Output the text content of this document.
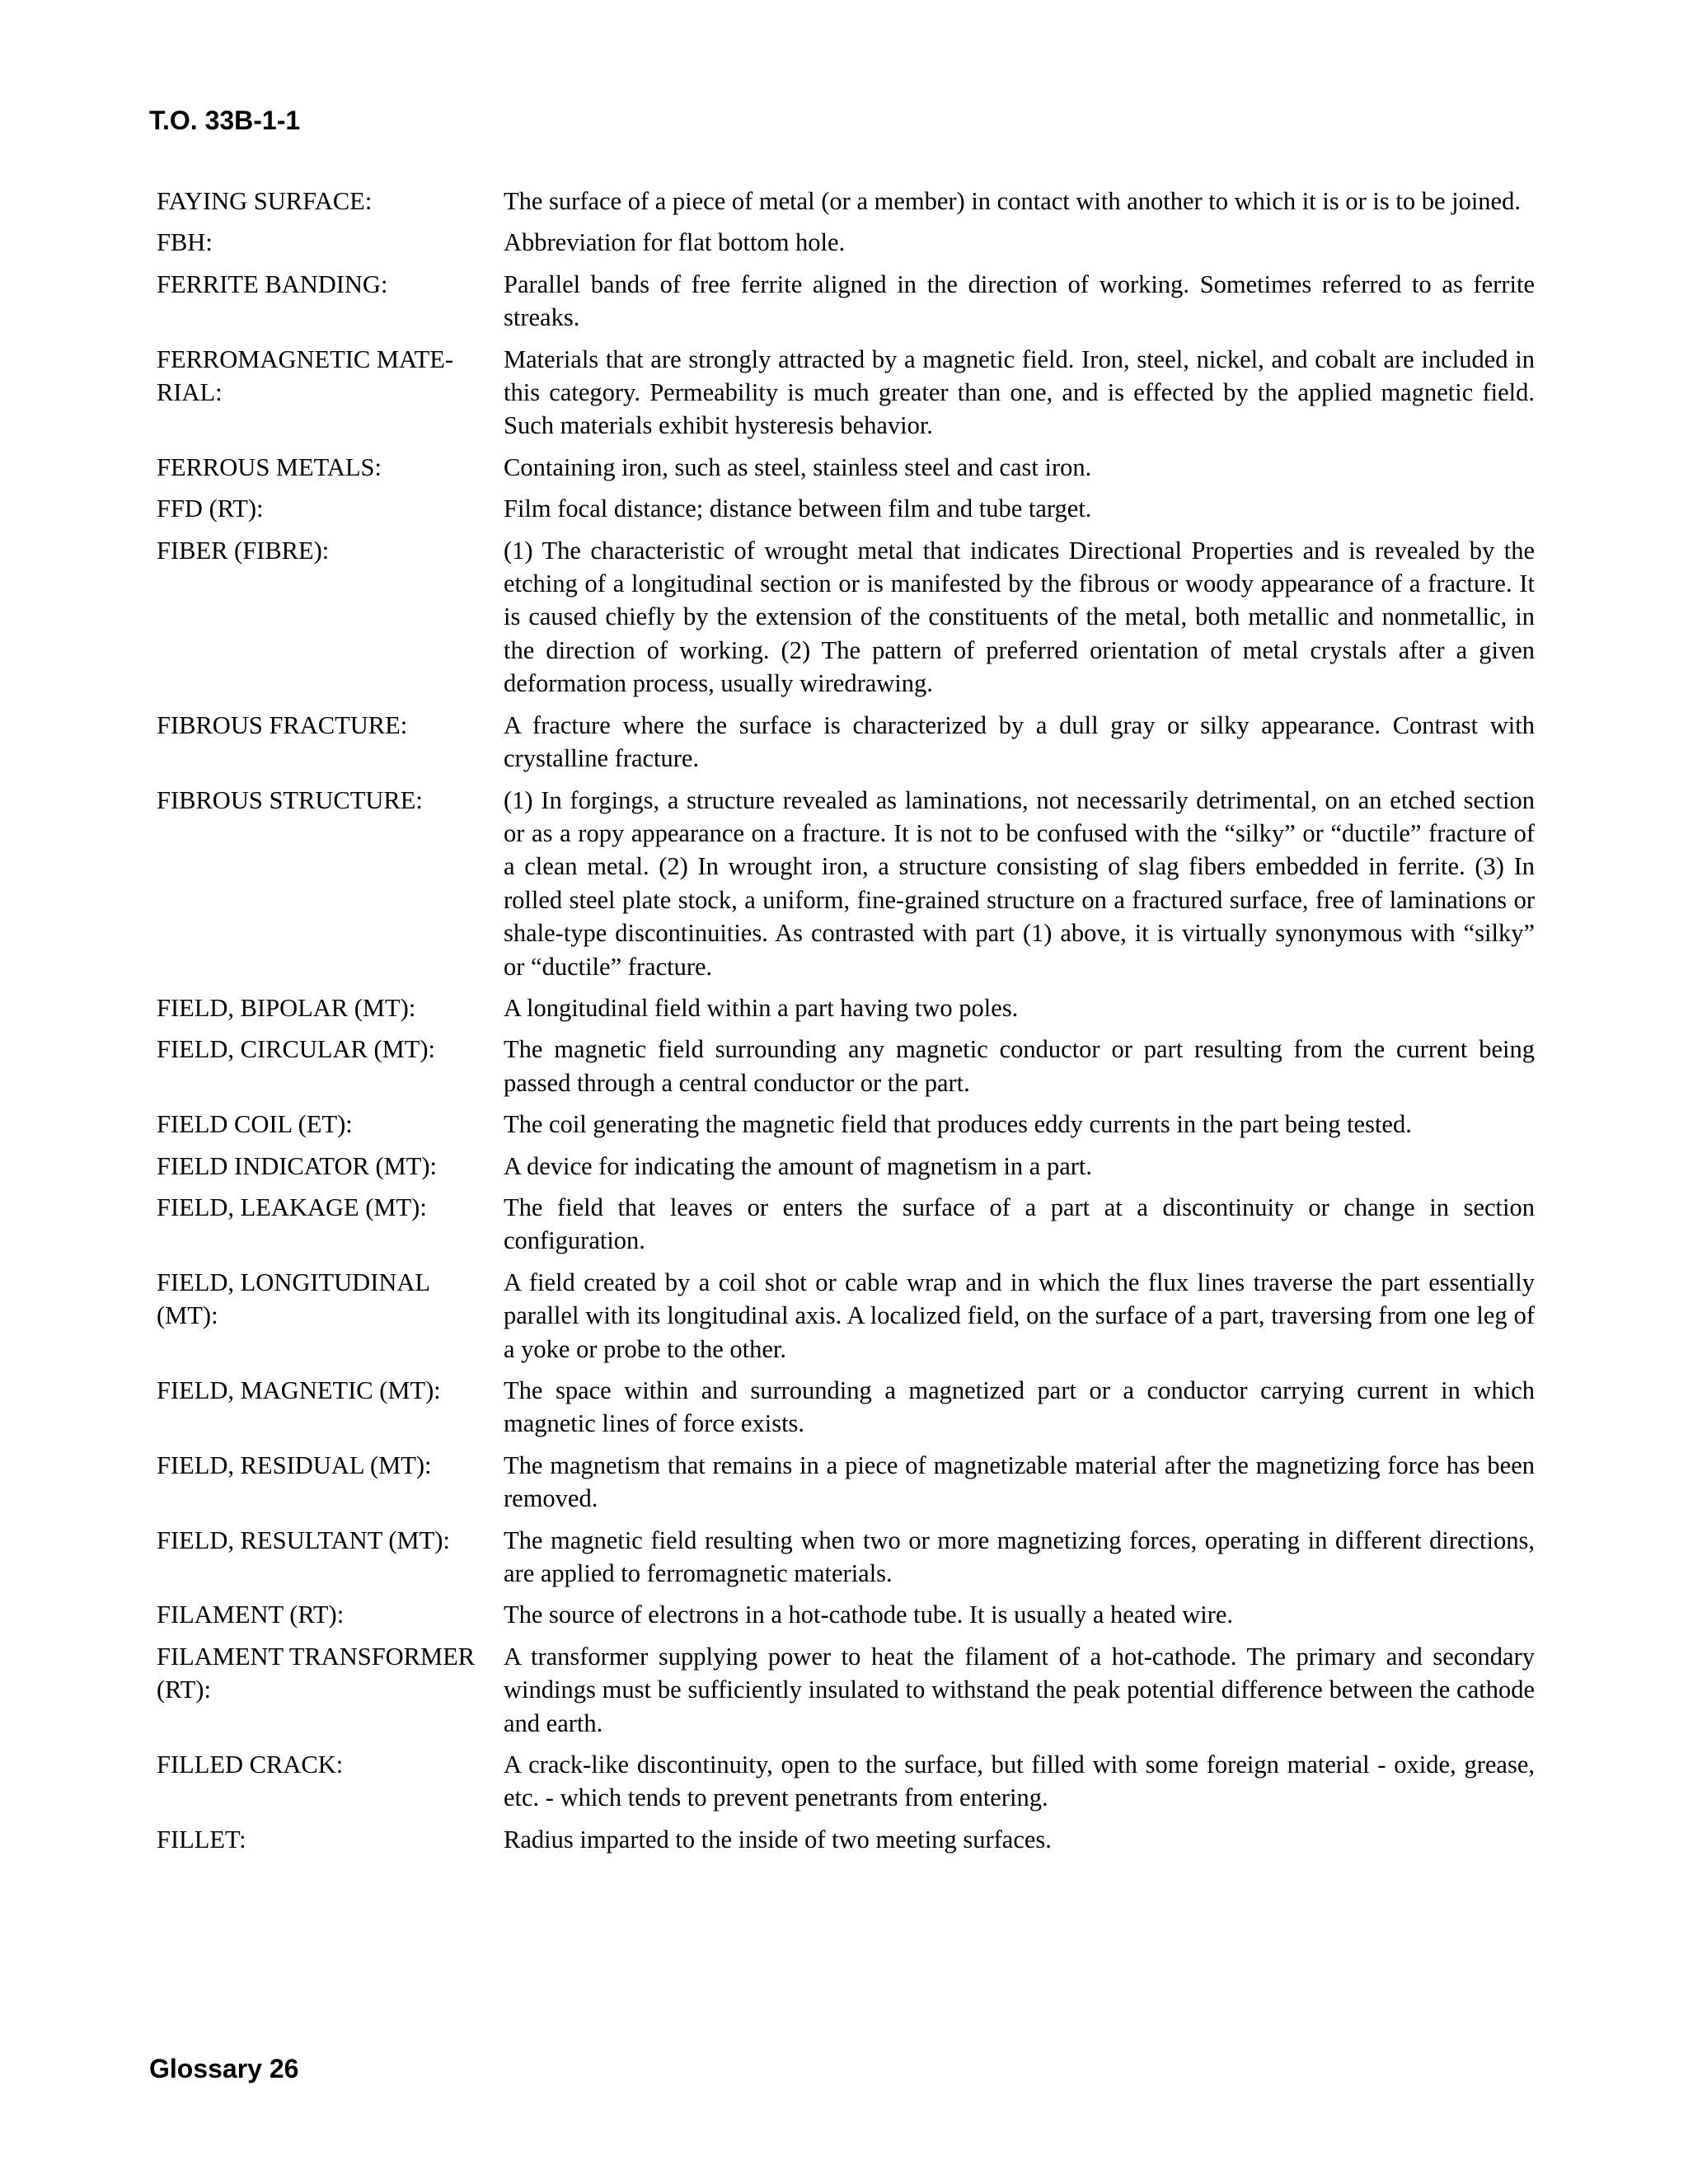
T.O. 33B-1-1
FAYING SURFACE:	The surface of a piece of metal (or a member) in contact with another to which it is or is to be joined.
FBH:	Abbreviation for flat bottom hole.
FERRITE BANDING:	Parallel bands of free ferrite aligned in the direction of working. Sometimes referred to as ferrite streaks.
FERROMAGNETIC MATERIAL:
Materials that are strongly attracted by a magnetic field. Iron, steel, nickel, and cobalt are included in this category. Permeability is much greater than one, and is effected by the applied magnetic field. Such materials exhibit hysteresis behavior.
FERROUS METALS:	Containing iron, such as steel, stainless steel and cast iron.
FFD (RT):	Film focal distance; distance between film and tube target.
FIBER (FIBRE):	(1) The characteristic of wrought metal that indicates Directional Properties and is revealed by the etching of a longitudinal section or is manifested by the fibrous or woody appearance of a fracture. It is caused chiefly by the extension of the constituents of the metal, both metallic and nonmetallic, in the direction of working. (2) The pattern of preferred orientation of metal crystals after a given deformation process, usually wiredrawing.
FIBROUS FRACTURE:	A fracture where the surface is characterized by a dull gray or silky appearance. Contrast with crystalline fracture.
FIBROUS STRUCTURE:	(1) In forgings, a structure revealed as laminations, not necessarily detrimental, on an etched section or as a ropy appearance on a fracture. It is not to be confused with the “silky” or “ductile” fracture of a clean metal. (2) In wrought iron, a structure consisting of slag fibers embedded in ferrite. (3) In rolled steel plate stock, a uniform, fine-grained structure on a fractured surface, free of laminations or shale-type discontinuities. As contrasted with part (1) above, it is virtually synonymous with “silky” or “ductile” fracture.
FIELD, BIPOLAR (MT):	A longitudinal field within a part having two poles.
FIELD, CIRCULAR (MT):	The magnetic field surrounding any magnetic conductor or part resulting from the current being passed through a central conductor or the part.
FIELD COIL (ET):	The coil generating the magnetic field that produces eddy currents in the part being tested.
FIELD INDICATOR (MT):	A device for indicating the amount of magnetism in a part.
FIELD, LEAKAGE (MT):	The field that leaves or enters the surface of a part at a discontinuity or change in section configuration.
FIELD, LONGITUDINAL (MT):
A field created by a coil shot or cable wrap and in which the flux lines traverse the part essentially parallel with its longitudinal axis. A localized field, on the surface of a part, traversing from one leg of a yoke or probe to the other.
FIELD, MAGNETIC (MT):	The space within and surrounding a magnetized part or a conductor carrying current in which magnetic lines of force exists.
FIELD, RESIDUAL (MT):	The magnetism that remains in a piece of magnetizable material after the magnetizing force has been removed.
FIELD, RESULTANT (MT):	The magnetic field resulting when two or more magnetizing forces, operating in different directions, are applied to ferromagnetic materials.
FILAMENT (RT):	The source of electrons in a hot-cathode tube. It is usually a heated wire.
FILAMENT TRANSFORMER (RT):
A transformer supplying power to heat the filament of a hot-cathode. The primary and secondary windings must be sufficiently insulated to withstand the peak potential difference between the cathode and earth.
FILLED CRACK:	A crack-like discontinuity, open to the surface, but filled with some foreign material - oxide, grease, etc. - which tends to prevent penetrants from entering.
FILLET:	Radius imparted to the inside of two meeting surfaces.
Glossary 26
